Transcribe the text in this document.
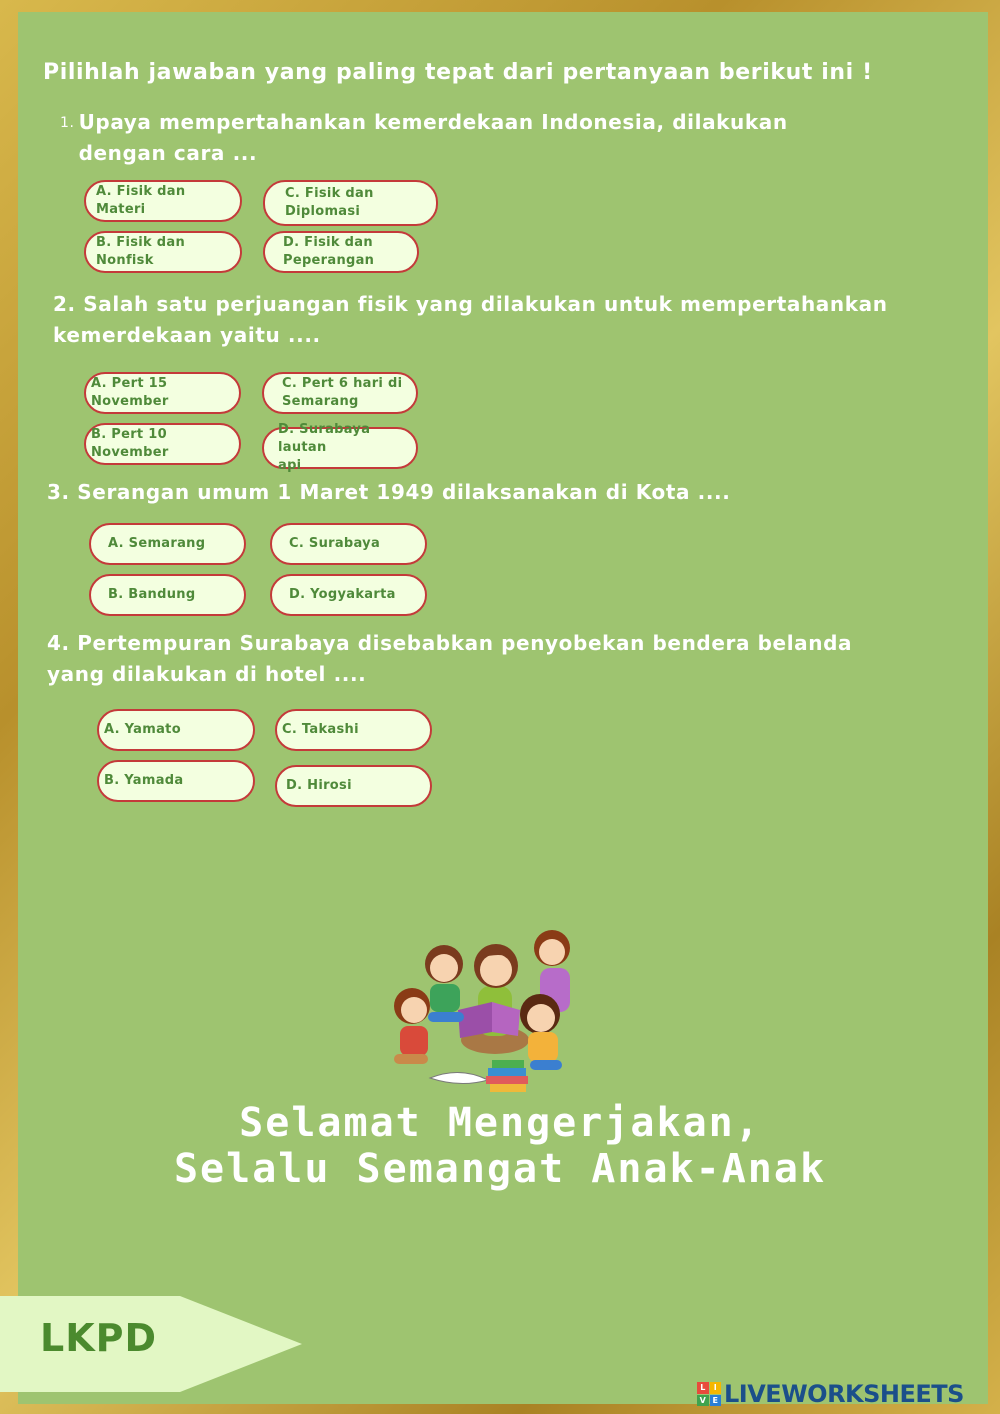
Pilihlah jawaban yang paling tepat dari pertanyaan berikut ini !
1. Upaya mempertahankan kemerdekaan Indonesia, dilakukan dengan cara ...
A. Fisik dan Materi
B. Fisik dan Nonfisk
C. Fisik dan
Diplomasi
D. Fisik dan
Peperangan
2. Salah satu perjuangan fisik yang dilakukan untuk mempertahankan kemerdekaan yaitu ....
A. Pert 15 November
B. Pert 10 November
C. Pert 6 hari di
Semarang
D. Surabaya lautan
api
3. Serangan umum 1 Maret 1949 dilaksanakan di Kota ....
A. Semarang
B. Bandung
C. Surabaya
D. Yogyakarta
4. Pertempuran Surabaya disebabkan penyobekan bendera belanda yang dilakukan di hotel ....
A. Yamato
B. Yamada
C. Takashi
D. Hirosi
Selamat Mengerjakan,
Selalu Semangat Anak-Anak
LKPD
L	I
V E LIVEWORKSHEETS
